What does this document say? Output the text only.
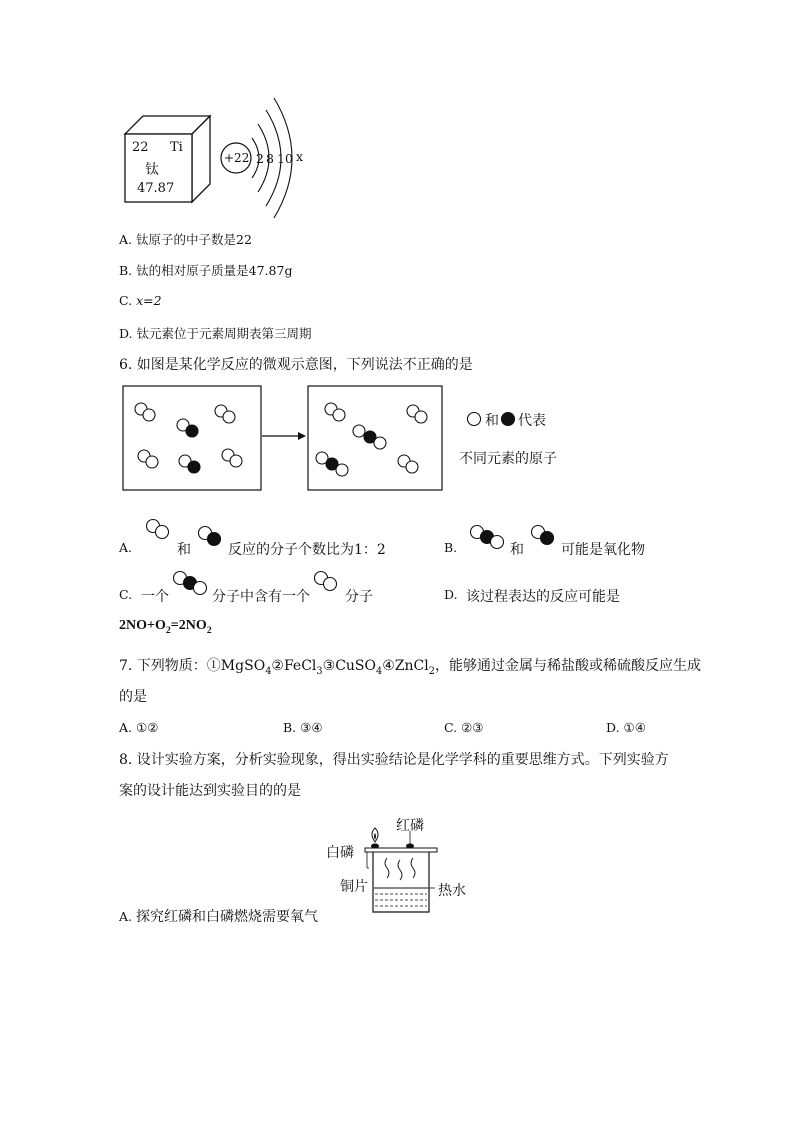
22 Ti
钛
47.87
+22 2 8 10 x
A. 钛原子的中子数是22
B. 钛的相对原子质量是47.87g
C. x=2
D. 钛元素位于元素周期表第三周期
6. 如图是某化学反应的微观示意图，下列说法不正确的是
和 代表
不同元素的原子
A.	和	反应的分子个数比为1：2	B.	和	可能是氧化物
C. 一个	分子中含有一个	分子	D. 该过程表达的反应可能是
$2NO+O_2=2NO_2$
7. 下列物质：①MgSO$_4$②FeCl$_3$③CuSO$_4$④ZnCl$_2$，能够通过金属与稀盐酸或稀硫酸反应生成
的是
A. ①②	B. ③④	C. ②③	D. ①④
8. 设计实验方案，分析实验现象，得出实验结论是化学学科的重要思维方式。下列实验方
案的设计能达到实验目的的是
红磷
白磷
铜片	热水
A. 探究红磷和白磷燃烧需要氧气
